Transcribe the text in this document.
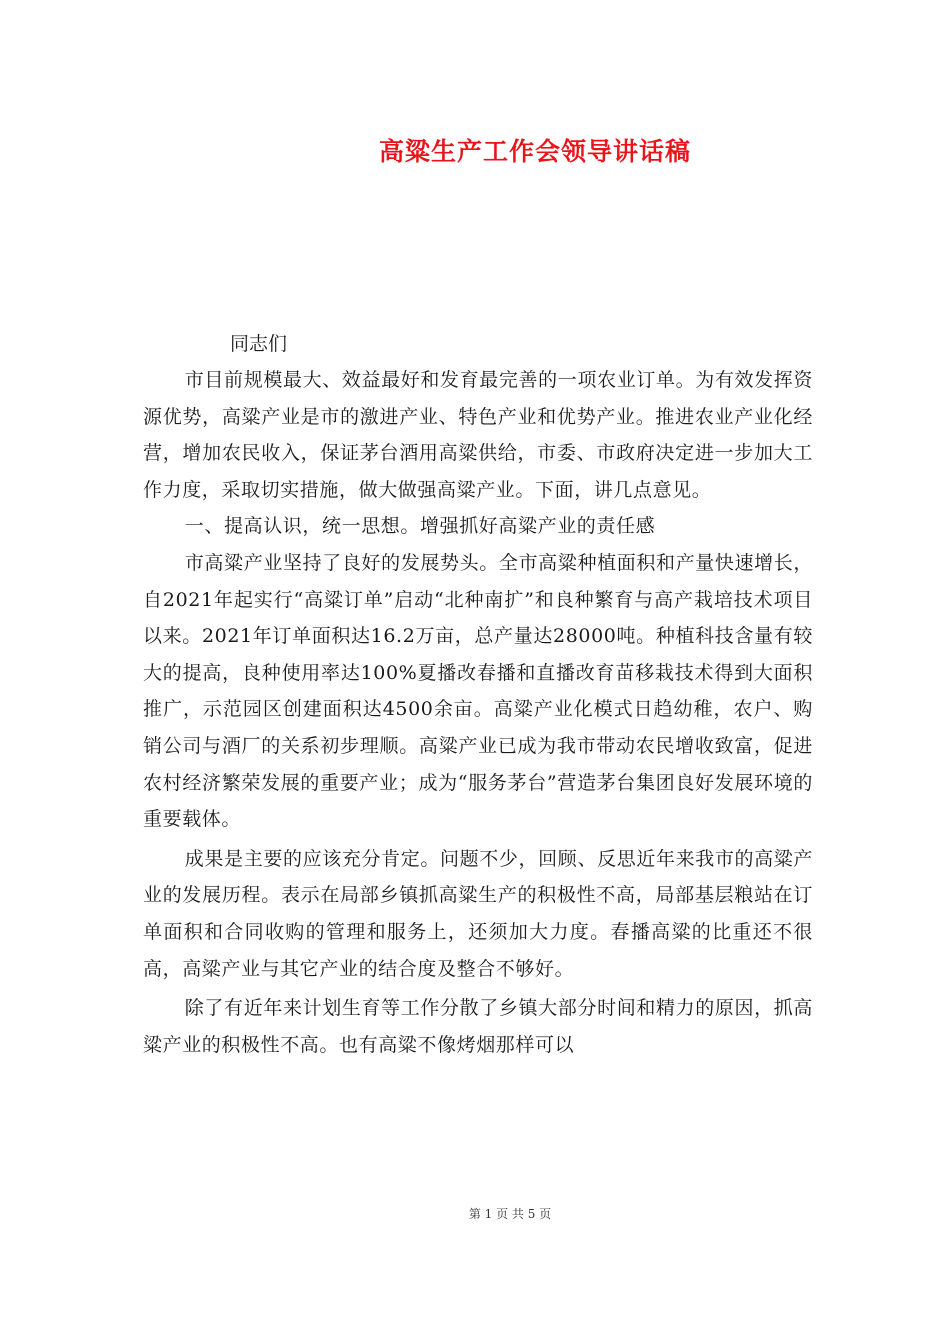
高粱生产工作会领导讲话稿
同志们

市目前规模最大、效益最好和发育最完善的一项农业订单。为有效发挥资源优势，高粱产业是市的激进产业、特色产业和优势产业。推进农业产业化经营，增加农民收入，保证茅台酒用高粱供给，市委、市政府决定进一步加大工作力度，采取切实措施，做大做强高粱产业。下面，讲几点意见。

一、提高认识，统一思想。增强抓好高粱产业的责任感

市高粱产业坚持了良好的发展势头。全市高粱种植面积和产量快速增长，自2021年起实行“高粱订单”启动“北种南扩”和良种繁育与高产栽培技术项目以来。2021年订单面积达16.2万亩，总产量达28000吨。种植科技含量有较大的提高，良种使用率达100%夏播改春播和直播改育苗移栽技术得到大面积推广，示范园区创建面积达4500余亩。高粱产业化模式日趋幼稚，农户、购销公司与酒厂的关系初步理顺。高粱产业已成为我市带动农民增收致富，促进农村经济繁荣发展的重要产业；成为“服务茅台”营造茅台集团良好发展环境的重要载体。

成果是主要的应该充分肯定。问题不少，回顾、反思近年来我市的高粱产业的发展历程。表示在局部乡镇抓高粱生产的积极性不高，局部基层粮站在订单面积和合同收购的管理和服务上，还须加大力度。春播高粱的比重还不很高，高粱产业与其它产业的结合度及整合不够好。

除了有近年来计划生育等工作分散了乡镇大部分时间和精力的原因，抓高粱产业的积极性不高。也有高粱不像烤烟那样可以

第 1 页 共 5 页
